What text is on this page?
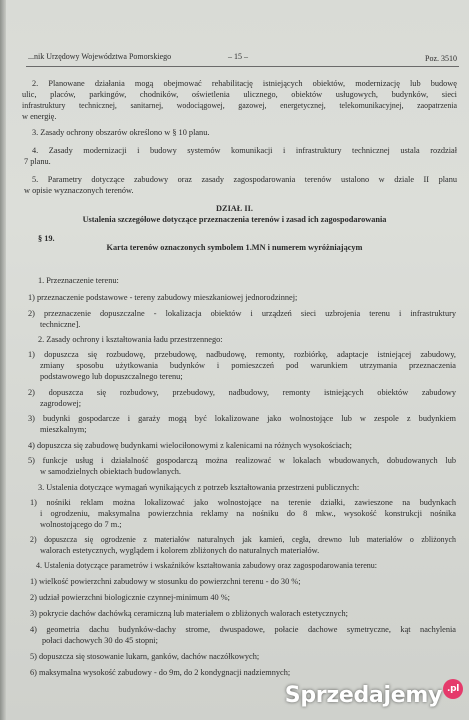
...nik Urzędowy Województwa Pomorskiego	– 15 –	Poz. 3510
2. Planowane działania mogą obejmować rehabilitację istniejących obiektów, modernizację lub budowę
ulic, placów, parkingów, chodników, oświetlenia ulicznego, obiektów usługowych, budynków, sieci
infrastruktury technicznej, sanitarnej, wodociągowej, gazowej, energetycznej, telekomunikacyjnej, zaopatrzenia
w energię.
3. Zasady ochrony obszarów określono w § 10 planu.
4. Zasady modernizacji i budowy systemów komunikacji i infrastruktury technicznej ustala rozdział
7 planu.
5. Parametry dotyczące zabudowy oraz zasady zagospodarowania terenów ustalono w dziale II planu
w opisie wyznaczonych terenów.
DZIAŁ II.
Ustalenia szczegółowe dotyczące przeznaczenia terenów i zasad ich zagospodarowania
§ 19.
Karta terenów oznaczonych symbolem 1.MN i numerem wyróżniającym
1. Przeznaczenie terenu:
1) przeznaczenie podstawowe - tereny zabudowy mieszkaniowej jednorodzinnej;
2) przeznaczenie dopuszczalne - lokalizacja obiektów i urządzeń sieci uzbrojenia terenu i infrastruktury
techniczne].
2. Zasady ochrony i kształtowania ładu przestrzennego:
1) dopuszcza się rozbudowę, przebudowę, nadbudowę, remonty, rozbiórkę, adaptacje istniejącej zabudowy,
zmiany sposobu użytkowania budynków i pomieszczeń pod warunkiem utrzymania przeznaczenia
podstawowego lub dopuszczalnego terenu;
2) dopuszcza się rozbudowy, przebudowy, nadbudowy, remonty istniejących obiektów zabudowy
zagrodowej;
3) budynki gospodarcze i garaży mogą być lokalizowane jako wolnostojące lub w zespole z budynkiem
mieszkalnym;
4) dopuszcza się zabudowę budynkami wielociłonowymi z kalenicami na różnych wysokościach;
5) funkcje usług i działalność gospodarczą można realizować w lokalach wbudowanych, dobudowanych lub
w samodzielnych obiektach budowlanych.
3. Ustalenia dotyczące wymagań wynikających z potrzeb kształtowania przestrzeni publicznych:
1) nośniki reklam można lokalizować jako wolnostojące na terenie działki, zawieszone na budynkach
i ogrodzeniu, maksymalna powierzchnia reklamy na nośniku do 8 mkw., wysokość konstrukcji nośnika
wolnostojącego do 7 m.;
2) dopuszcza się ogrodzenie z materiałów naturalnych jak kamień, cegła, drewno lub materiałów o zbliżonych
walorach estetycznych, wyglądem i kolorem zbliżonych do naturalnych materiałów.
4. Ustalenia dotyczące parametrów i wskaźników kształtowania zabudowy oraz zagospodarowania terenu:
1) wielkość powierzchni zabudowy w stosunku do powierzchni terenu - do 30 %;
2) udział powierzchni biologicznie czynnej-minimum 40 %;
3) pokrycie dachów dachówką ceramiczną lub materiałem o zbliżonych walorach estetycznych;
4) geometria dachu budynków-dachy strome, dwuspadowe, połacie dachowe symetryczne, kąt nachylenia
połaci dachowych 30 do 45 stopni;
5) dopuszcza się stosowanie lukarn, ganków, dachów naczółkowych;
6) maksymalna wysokość zabudowy - do 9m, do 2 kondygnacji nadziemnych;
Sprzedajemy .pl
